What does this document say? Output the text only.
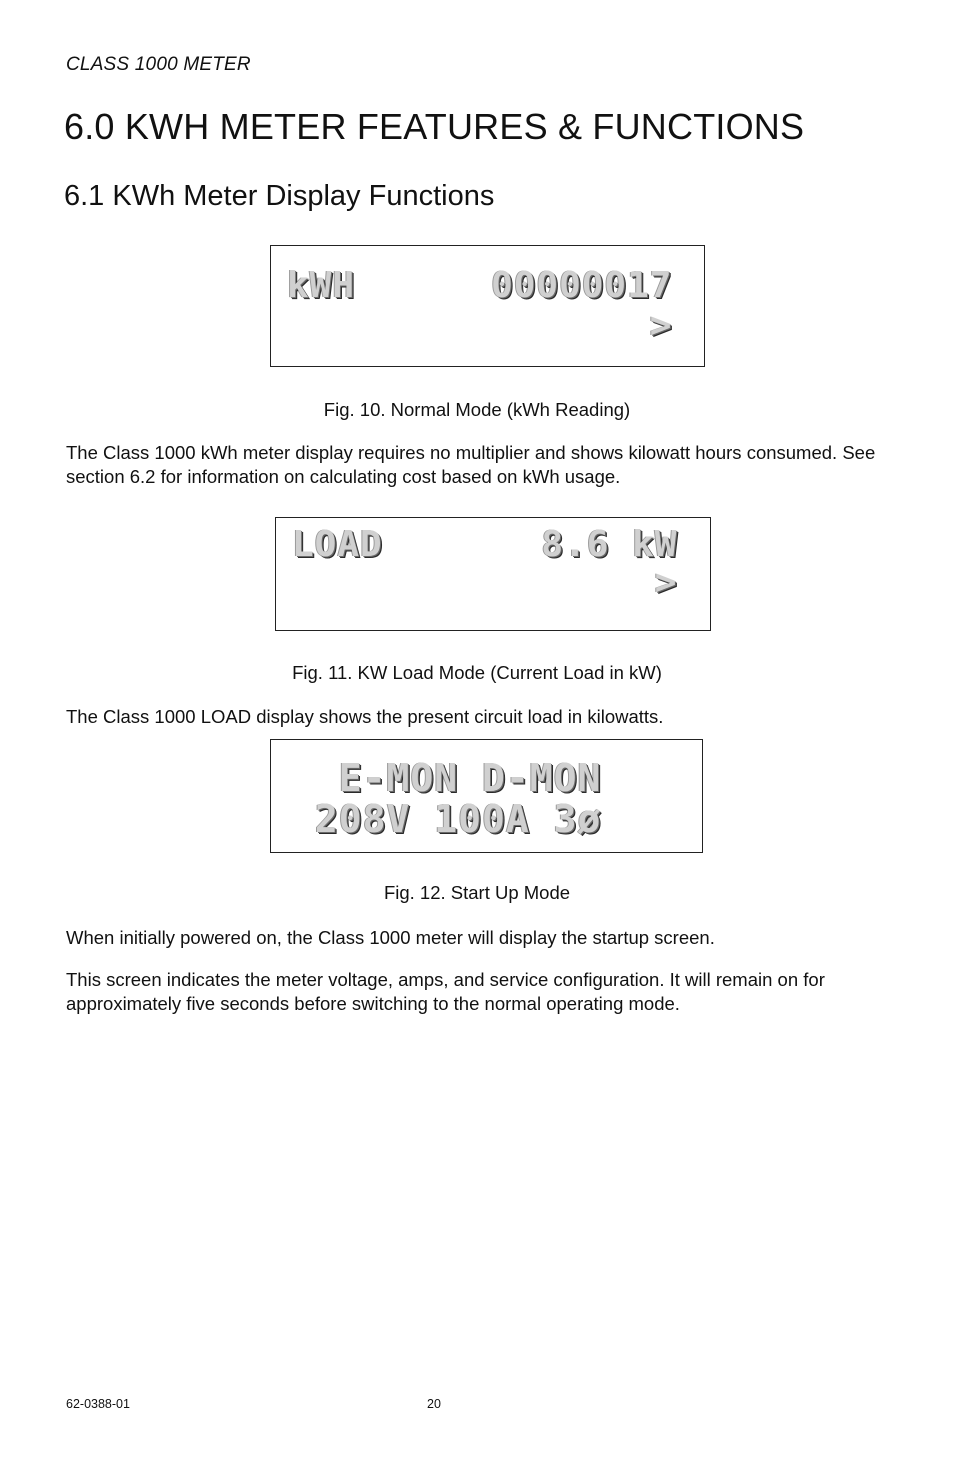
CLASS 1000 METER
6.0 KWH METER FEATURES & FUNCTIONS
6.1 KWh Meter Display Functions
kWH      00000017
>
Fig. 10. Normal Mode (kWh Reading)

The Class 1000 kWh meter display requires no multiplier and shows kilowatt hours consumed. See section 6.2 for information on calculating cost based on kWh usage.

LOAD       8.6 kW
>
Fig. 11. KW Load Mode (Current Load in kW)

The Class 1000 LOAD display shows the present circuit load in kilowatts.

E-MON D-MON
208V 100A 3ø
Fig. 12. Start Up Mode

When initially powered on, the Class 1000 meter will display the startup screen.

This screen indicates the meter voltage, amps, and service configuration. It will remain on for approximately five seconds before switching to the normal operating mode.

62-0388-01	20
